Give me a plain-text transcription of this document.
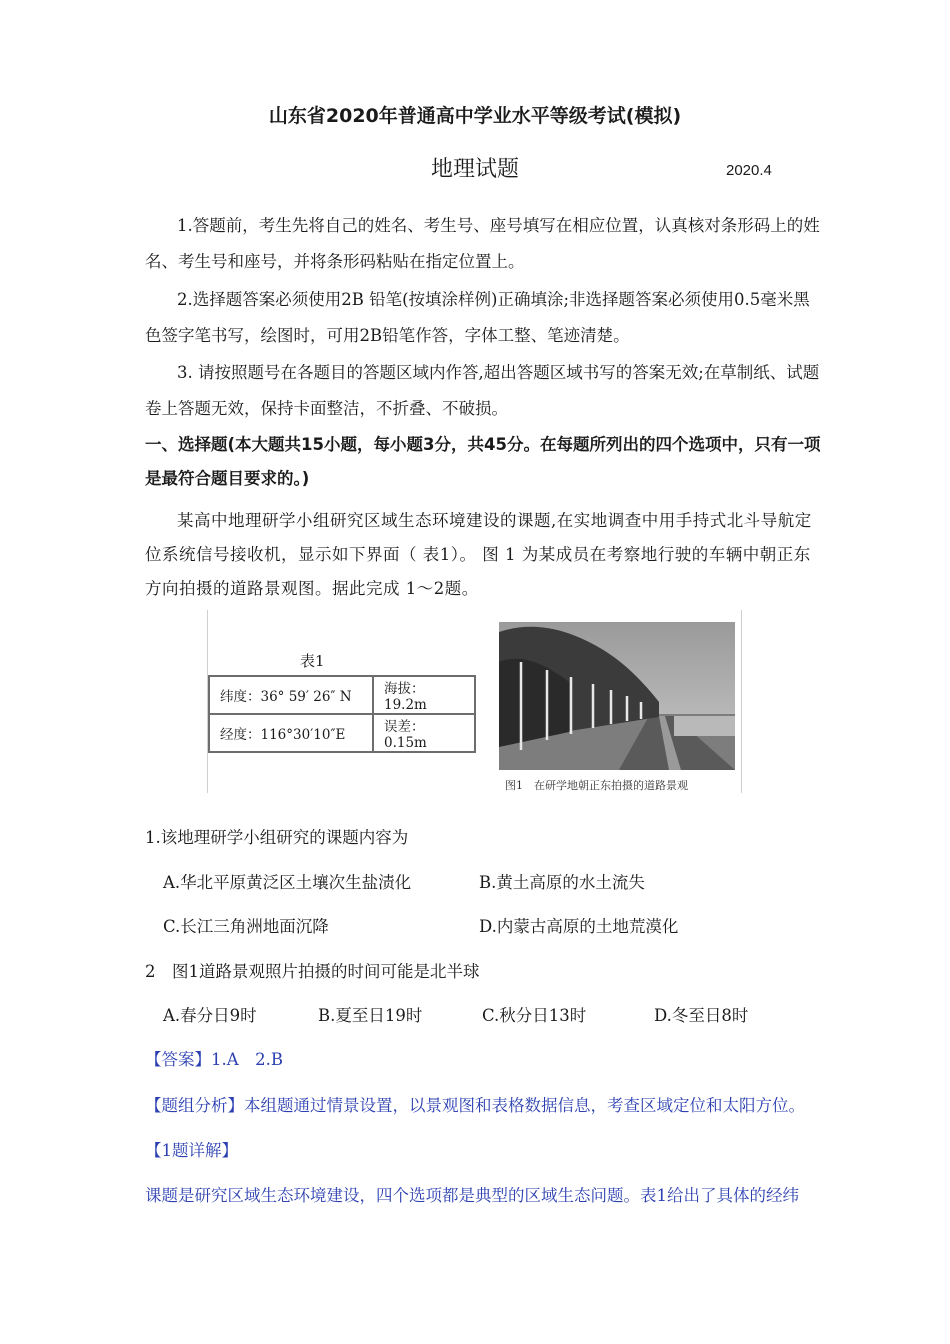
山东省2020年普通高中学业水平等级考试(模拟)
地理试题	2020.4
1.答题前，考生先将自己的姓名、考生号、座号填写在相应位置，认真核对条形码上的姓名、考生号和座号，并将条形码粘贴在指定位置上。
2.选择题答案必须使用2B 铅笔(按填涂样例)正确填涂;非选择题答案必须使用0.5毫米黑色签字笔书写，绘图时，可用2B铅笔作答，字体工整、笔迹清楚。
3. 请按照题号在各题目的答题区域内作答,超出答题区域书写的答案无效;在草制纸、试题卷上答题无效，保持卡面整洁，不折叠、不破损。
一、选择题(本大题共15小题，每小题3分，共45分。在每题所列出的四个选项中，只有一项是最符合题目要求的。)
某高中地理研学小组研究区域生态环境建设的课题,在实地调查中用手持式北斗导航定位系统信号接收机，显示如下界面（ 表1）。 图 1 为某成员在考察地行驶的车辆中朝正东方向拍摄的道路景观图。据此完成 1～2题。
表1
纬度：36° 59′ 26″ N	海拔：19.2m
经度：116°30′10″E	误差：0.15m
图1　在研学地朝正东拍摄的道路景观
1.该地理研学小组研究的课题内容为
A.华北平原黄泛区土壤次生盐渍化	B.黄土高原的水土流失
C.长江三角洲地面沉降	D.内蒙古高原的土地荒漠化
2　图1道路景观照片拍摄的时间可能是北半球
A.春分日9时	B.夏至日19时	C.秋分日13时	D.冬至日8时
【答案】1.A　2.B
【题组分析】本组题通过情景设置，以景观图和表格数据信息，考查区域定位和太阳方位。
【1题详解】
课题是研究区域生态环境建设，四个选项都是典型的区域生态问题。表1给出了具体的经纬
